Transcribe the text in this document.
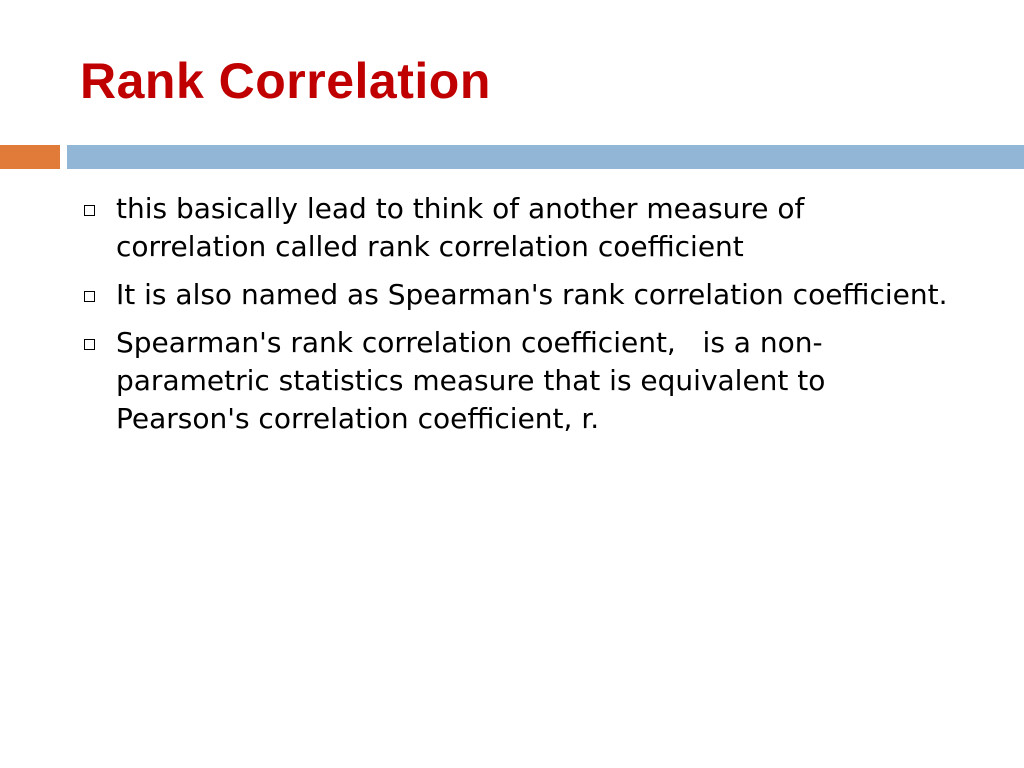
Rank Correlation
this basically lead to think of another measure of correlation called rank correlation coefficient
It is also named as Spearman's rank correlation coefficient.
Spearman's rank correlation coefficient,   is a non-parametric statistics measure that is equivalent to Pearson's correlation coefficient, r.
